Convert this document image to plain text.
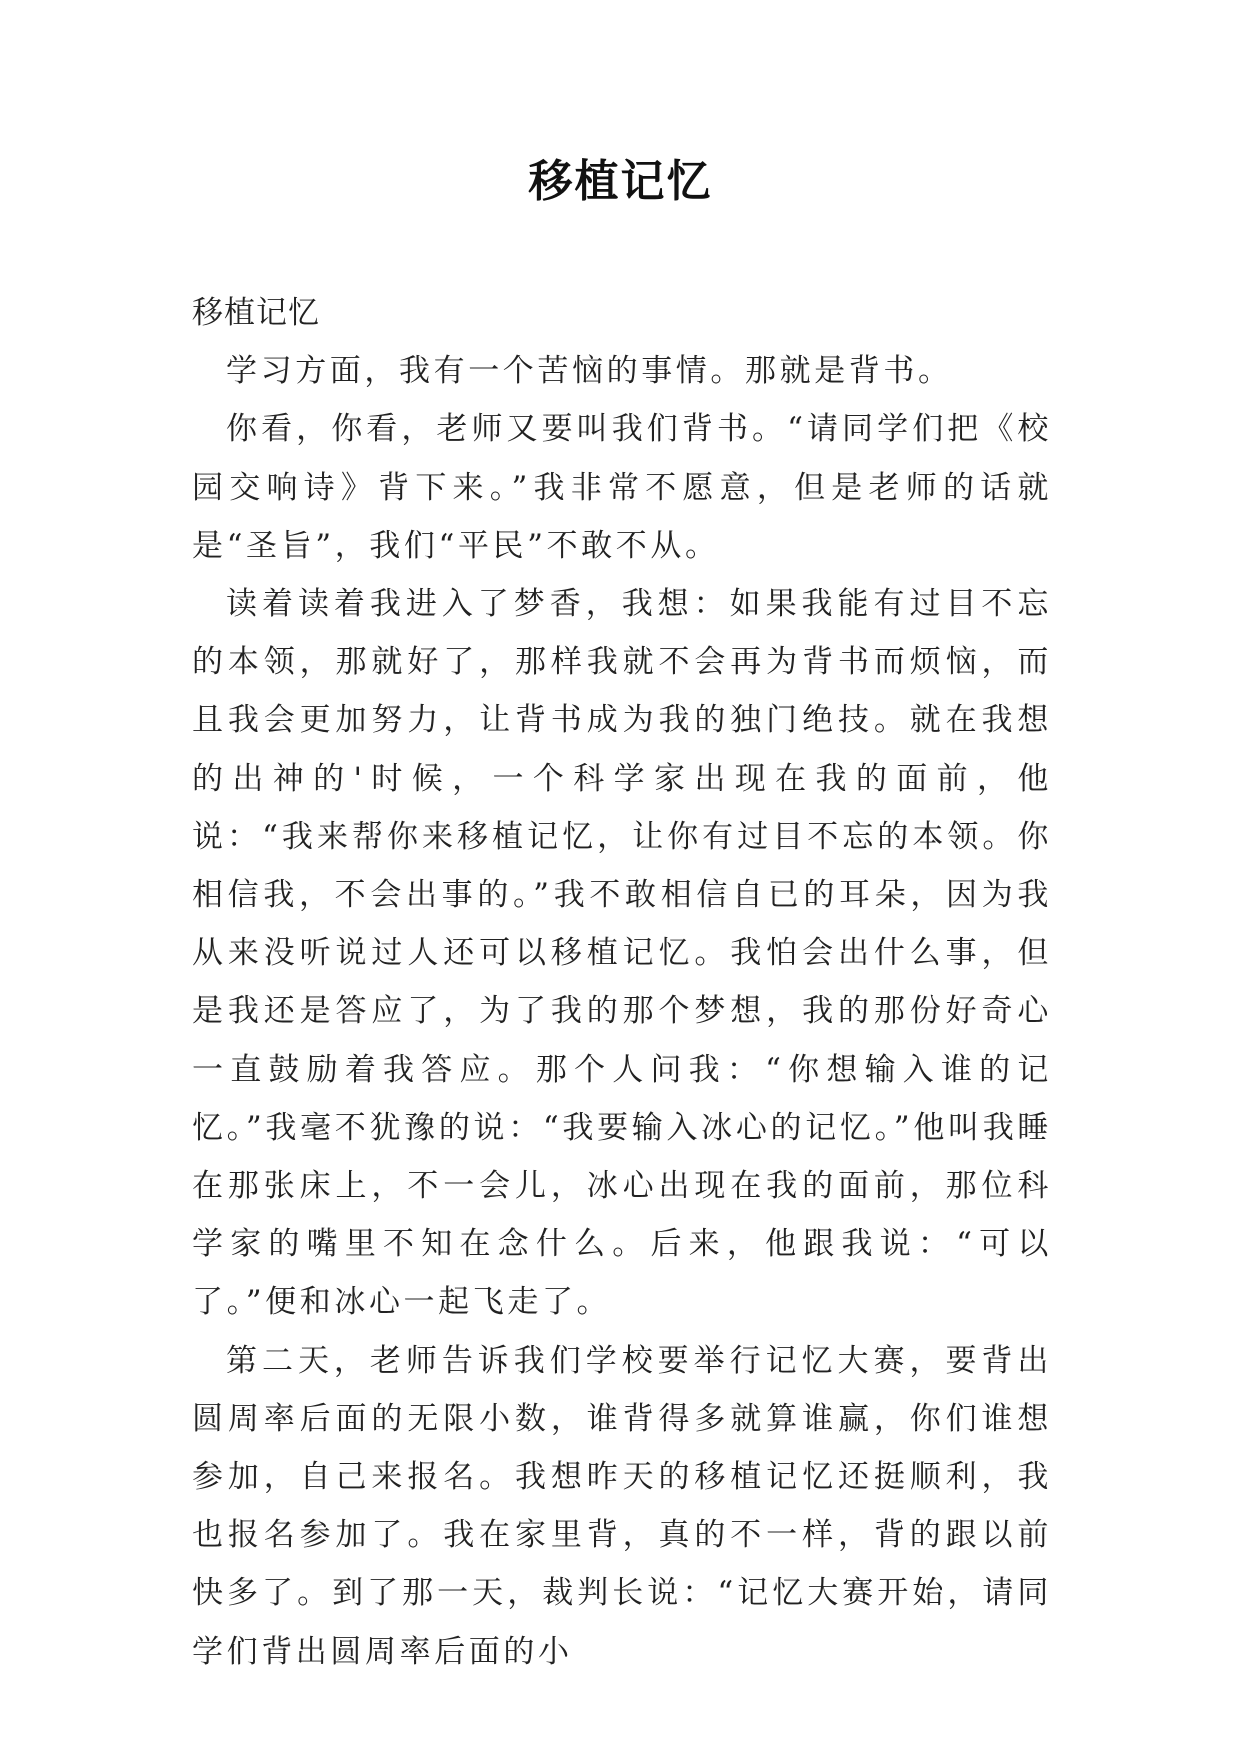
移植记忆

移植记忆

学习方面，我有一个苦恼的事情。那就是背书。

你看，你看，老师又要叫我们背书。“请同学们把《校园交响诗》背下来。”我非常不愿意，但是老师的话就是“圣旨”，我们“平民”不敢不从。

读着读着我进入了梦香，我想：如果我能有过目不忘的本领，那就好了，那样我就不会再为背书而烦恼，而且我会更加努力，让背书成为我的独门绝技。就在我想的出神的'时候，一个科学家出现在我的面前，他说：“我来帮你来移植记忆，让你有过目不忘的本领。你相信我，不会出事的。”我不敢相信自已的耳朵，因为我从来没听说过人还可以移植记忆。我怕会出什么事，但是我还是答应了，为了我的那个梦想，我的那份好奇心一直鼓励着我答应。那个人问我：“你想输入谁的记忆。”我毫不犹豫的说：“我要输入冰心的记忆。”他叫我睡在那张床上，不一会儿，冰心出现在我的面前，那位科学家的嘴里不知在念什么。后来，他跟我说：“可以了。”便和冰心一起飞走了。

第二天，老师告诉我们学校要举行记忆大赛，要背出圆周率后面的无限小数，谁背得多就算谁赢，你们谁想参加，自己来报名。我想昨天的移植记忆还挺顺利，我也报名参加了。我在家里背，真的不一样，背的跟以前快多了。到了那一天，裁判长说：“记忆大赛开始，请同学们背出圆周率后面的小
